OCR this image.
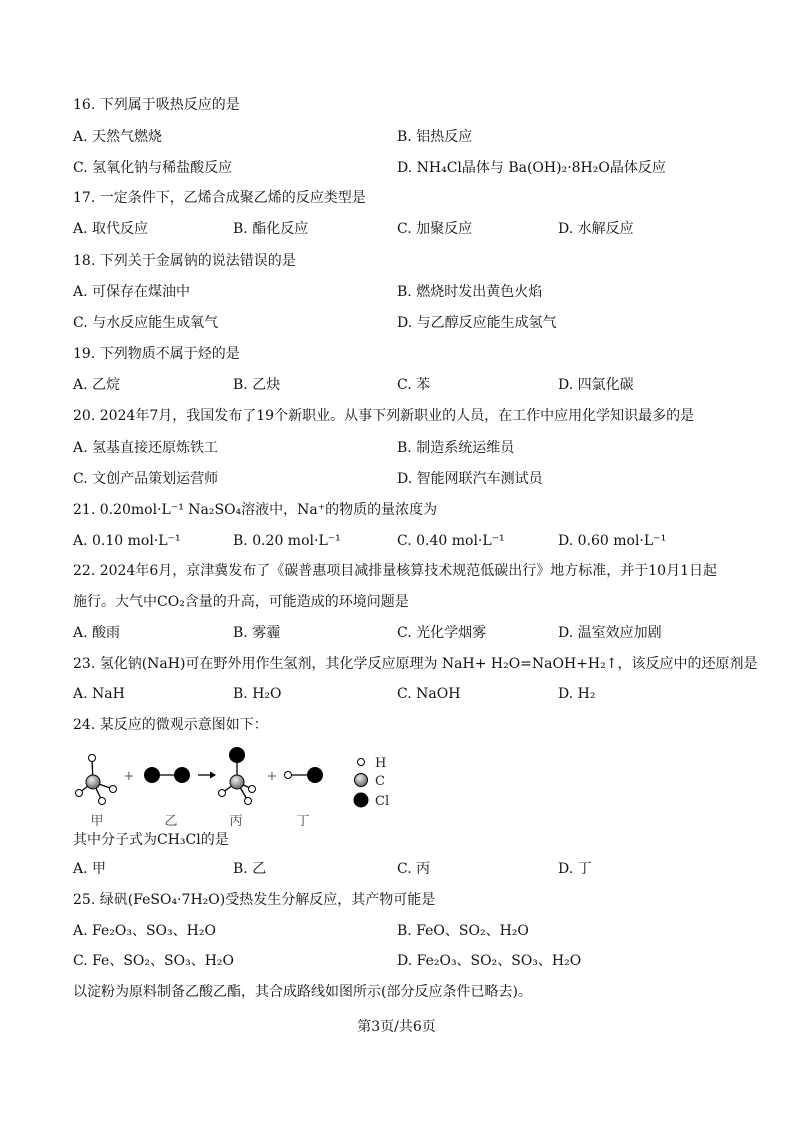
16. 下列属于吸热反应的是
A. 天然气燃烧	B. 铝热反应
C. 氢氧化钠与稀盐酸反应	D. NH₄Cl晶体与 Ba(OH)₂·8H₂O晶体反应
17. 一定条件下，乙烯合成聚乙烯的反应类型是
A. 取代反应	B. 酯化反应	C. 加聚反应	D. 水解反应
18. 下列关于金属钠的说法错误的是
A. 可保存在煤油中	B. 燃烧时发出黄色火焰
C. 与水反应能生成氧气	D. 与乙醇反应能生成氢气
19. 下列物质不属于烃的是
A. 乙烷	B. 乙炔	C. 苯	D. 四氯化碳
20. 2024年7月，我国发布了19个新职业。从事下列新职业的人员，在工作中应用化学知识最多的是
A. 氢基直接还原炼铁工	B. 制造系统运维员
C. 文创产品策划运营师	D. 智能网联汽车测试员
21. 0.20mol·L⁻¹ Na₂SO₄溶液中，Na⁺的物质的量浓度为
A. 0.10 mol·L⁻¹	B. 0.20 mol·L⁻¹	C. 0.40 mol·L⁻¹	D. 0.60 mol·L⁻¹
22. 2024年6月，京津冀发布了《碳普惠项目减排量核算技术规范低碳出行》地方标准，并于10月1日起
施行。大气中CO₂含量的升高，可能造成的环境问题是
A. 酸雨	B. 雾霾	C. 光化学烟雾	D. 温室效应加剧
23. 氢化钠(NaH)可在野外用作生氢剂，其化学反应原理为 NaH+ H₂O=NaOH+H₂↑，该反应中的还原剂是
A. NaH	B. H₂O	C. NaOH	D. H₂
24. 某反应的微观示意图如下：
+	+
甲	乙	丙	丁
H
C
Cl
其中分子式为CH₃Cl的是
A. 甲	B. 乙	C. 丙	D. 丁
25. 绿矾(FeSO₄·7H₂O)受热发生分解反应，其产物可能是
A. Fe₂O₃、SO₃、H₂O	B. FeO、SO₂、H₂O
C. Fe、SO₂、SO₃、H₂O	D. Fe₂O₃、SO₂、SO₃、H₂O
以淀粉为原料制备乙酸乙酯，其合成路线如图所示(部分反应条件已略去)。
第3页/共6页
